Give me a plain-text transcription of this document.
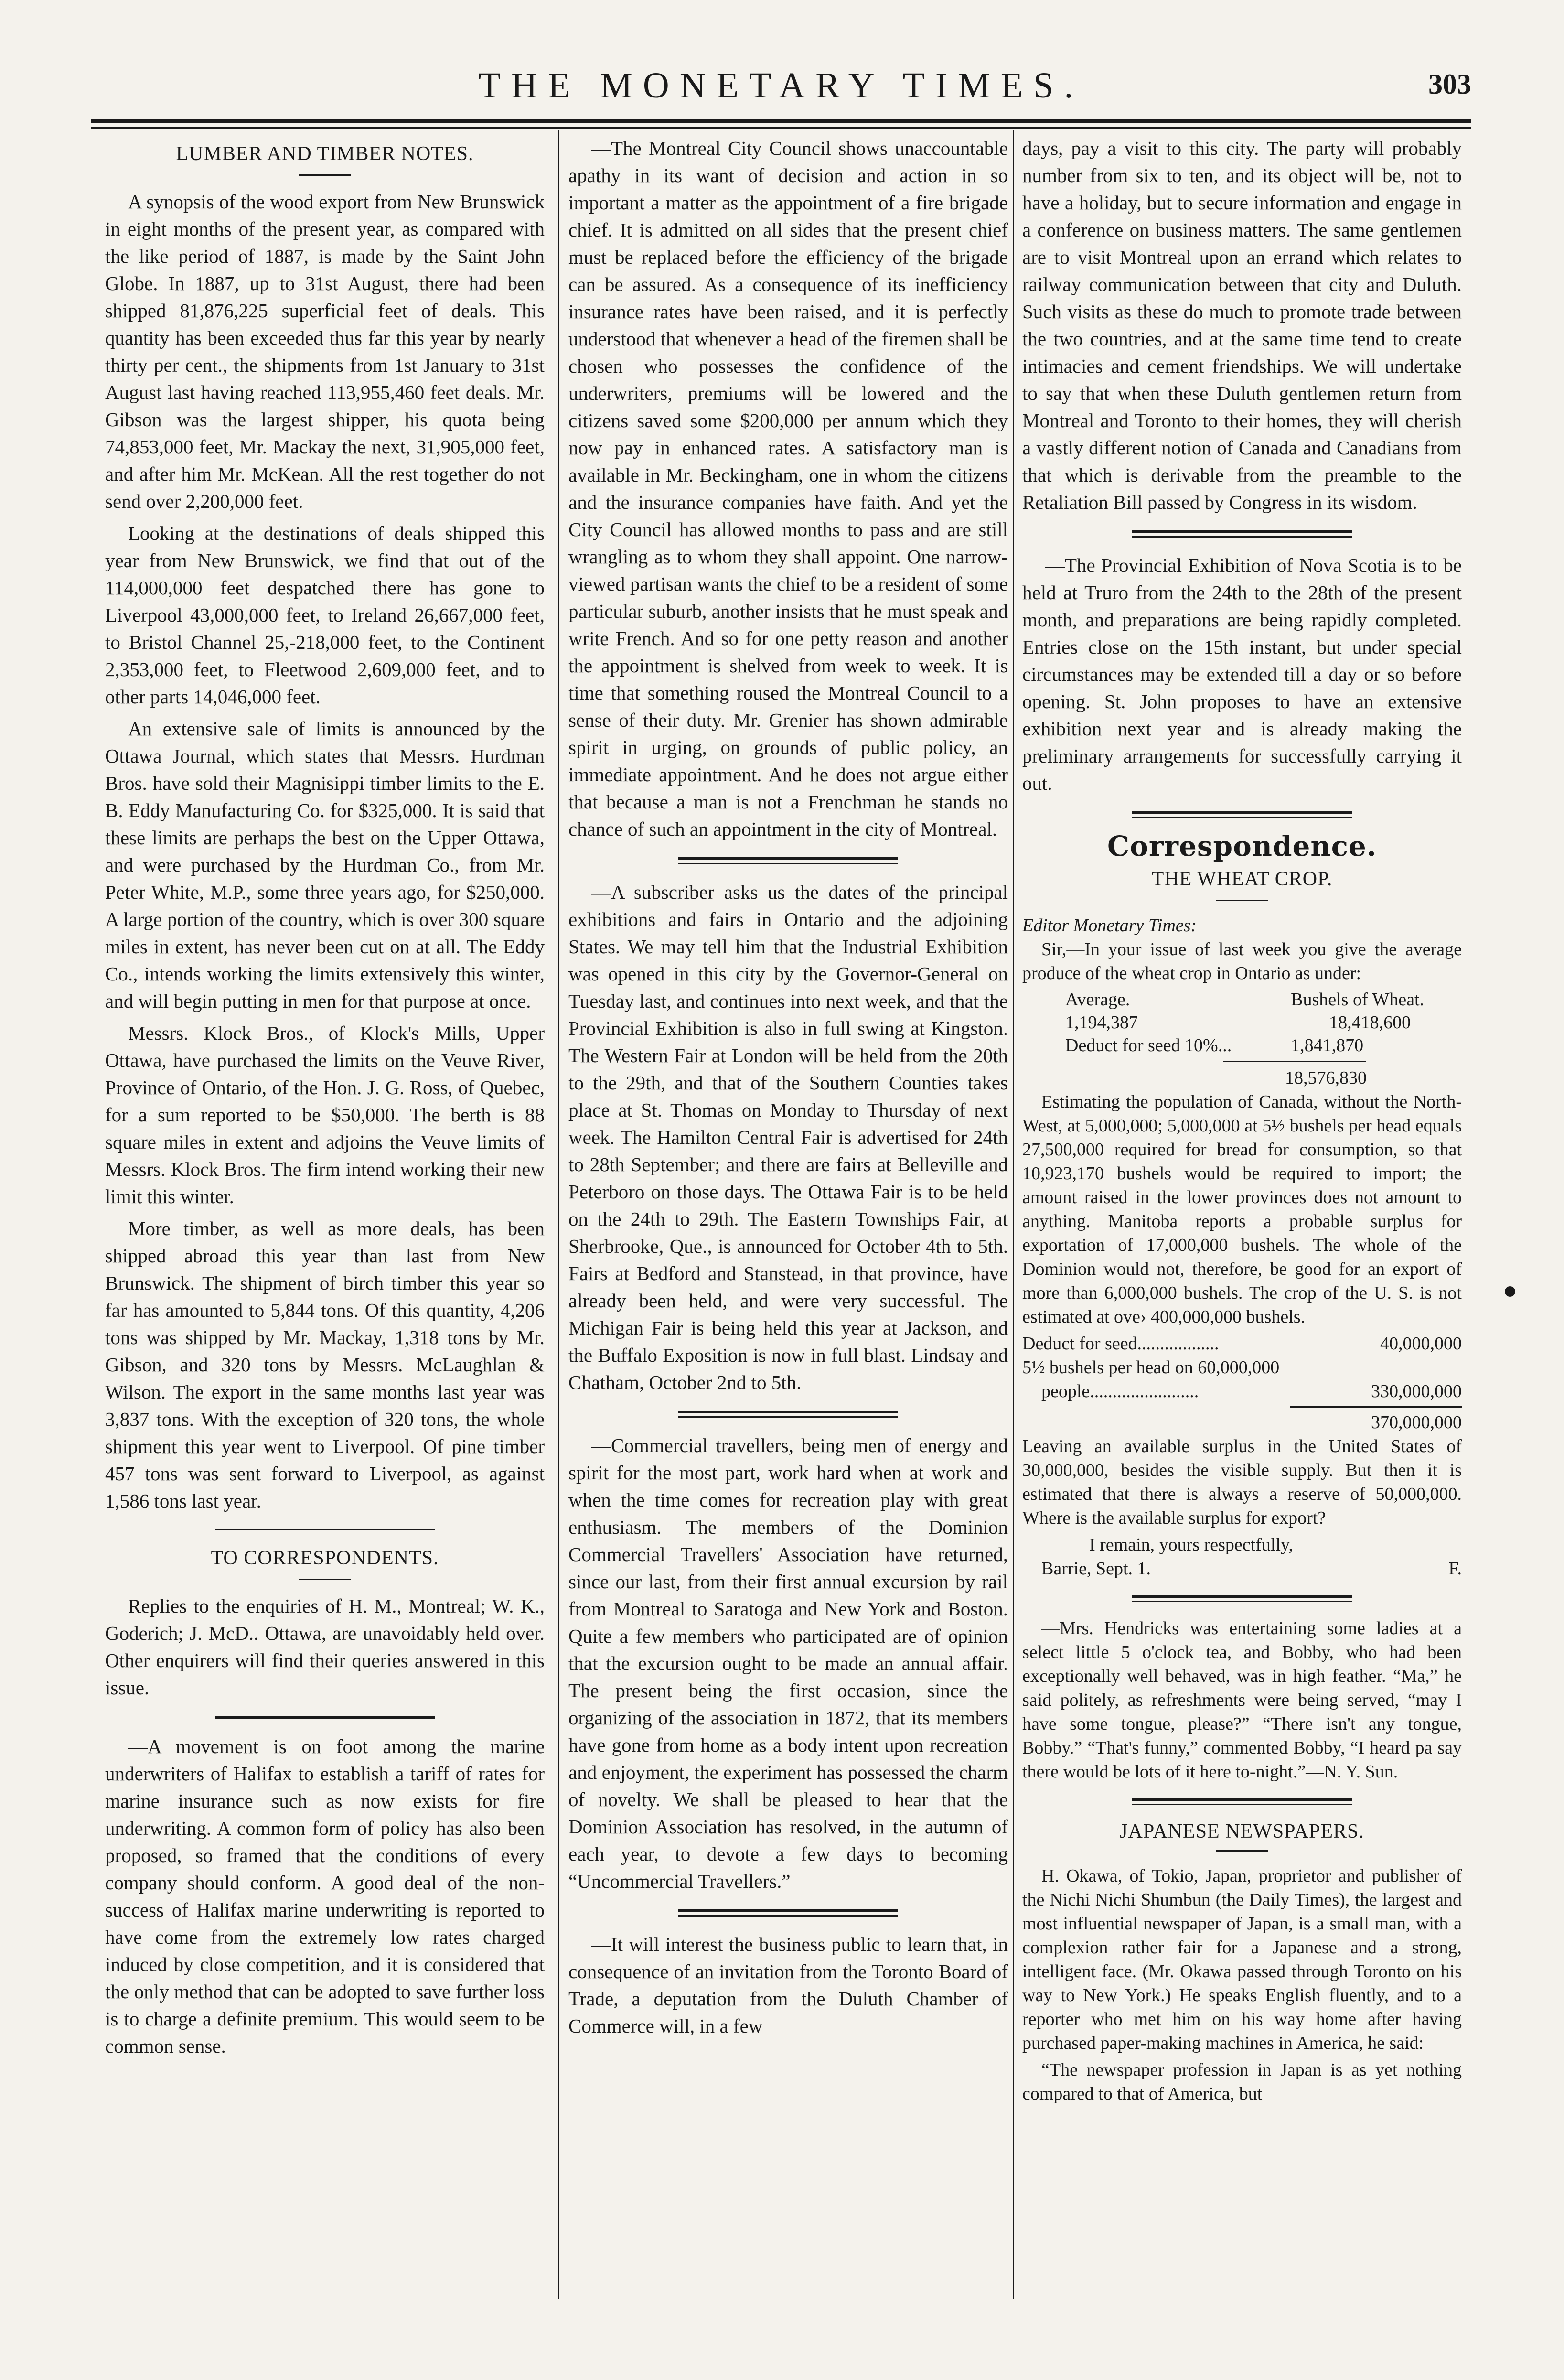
THE MONETARY TIMES.	303
LUMBER AND TIMBER NOTES.

A synopsis of the wood export from New Brunswick in eight months of the present year, as compared with the like period of 1887, is made by the Saint John Globe. In 1887, up to 31st August, there had been shipped 81,876,225 superficial feet of deals. This quantity has been exceeded thus far this year by nearly thirty per cent., the shipments from 1st January to 31st August last having reached 113,955,460 feet deals. Mr. Gibson was the largest shipper, his quota being 74,853,000 feet, Mr. Mackay the next, 31,905,000 feet, and after him Mr. McKean. All the rest together do not send over 2,200,000 feet.

Looking at the destinations of deals shipped this year from New Brunswick, we find that out of the 114,000,000 feet despatched there has gone to Liverpool 43,000,000 feet, to Ireland 26,667,000 feet, to Bristol Channel 25,-218,000 feet, to the Continent 2,353,000 feet, to Fleetwood 2,609,000 feet, and to other parts 14,046,000 feet.

An extensive sale of limits is announced by the Ottawa Journal, which states that Messrs. Hurdman Bros. have sold their Magnisippi timber limits to the E. B. Eddy Manufacturing Co. for $325,000. It is said that these limits are perhaps the best on the Upper Ottawa, and were purchased by the Hurdman Co., from Mr. Peter White, M.P., some three years ago, for $250,000. A large portion of the country, which is over 300 square miles in extent, has never been cut on at all. The Eddy Co., intends working the limits extensively this winter, and will begin putting in men for that purpose at once.

Messrs. Klock Bros., of Klock's Mills, Upper Ottawa, have purchased the limits on the Veuve River, Province of Ontario, of the Hon. J. G. Ross, of Quebec, for a sum reported to be $50,000. The berth is 88 square miles in extent and adjoins the Veuve limits of Messrs. Klock Bros. The firm intend working their new limit this winter.

More timber, as well as more deals, has been shipped abroad this year than last from New Brunswick. The shipment of birch timber this year so far has amounted to 5,844 tons. Of this quantity, 4,206 tons was shipped by Mr. Mackay, 1,318 tons by Mr. Gibson, and 320 tons by Messrs. McLaughlan & Wilson. The export in the same months last year was 3,837 tons. With the exception of 320 tons, the whole shipment this year went to Liverpool. Of pine timber 457 tons was sent forward to Liverpool, as against 1,586 tons last year.

TO CORRESPONDENTS.

Replies to the enquiries of H. M., Montreal; W. K., Goderich; J. McD.. Ottawa, are unavoidably held over. Other enquirers will find their queries answered in this issue.

—A movement is on foot among the marine underwriters of Halifax to establish a tariff of rates for marine insurance such as now exists for fire underwriting. A common form of policy has also been proposed, so framed that the conditions of every company should conform. A good deal of the non-success of Halifax marine underwriting is reported to have come from the extremely low rates charged induced by close competition, and it is considered that the only method that can be adopted to save further loss is to charge a definite premium. This would seem to be common sense.

—The Montreal City Council shows unaccountable apathy in its want of decision and action in so important a matter as the appointment of a fire brigade chief. It is admitted on all sides that the present chief must be replaced before the efficiency of the brigade can be assured. As a consequence of its inefficiency insurance rates have been raised, and it is perfectly understood that whenever a head of the firemen shall be chosen who possesses the confidence of the underwriters, premiums will be lowered and the citizens saved some $200,000 per annum which they now pay in enhanced rates. A satisfactory man is available in Mr. Beckingham, one in whom the citizens and the insurance companies have faith. And yet the City Council has allowed months to pass and are still wrangling as to whom they shall appoint. One narrow-viewed partisan wants the chief to be a resident of some particular suburb, another insists that he must speak and write French. And so for one petty reason and another the appointment is shelved from week to week. It is time that something roused the Montreal Council to a sense of their duty. Mr. Grenier has shown admirable spirit in urging, on grounds of public policy, an immediate appointment. And he does not argue either that because a man is not a Frenchman he stands no chance of such an appointment in the city of Montreal.

—A subscriber asks us the dates of the principal exhibitions and fairs in Ontario and the adjoining States. We may tell him that the Industrial Exhibition was opened in this city by the Governor-General on Tuesday last, and continues into next week, and that the Provincial Exhibition is also in full swing at Kingston. The Western Fair at London will be held from the 20th to the 29th, and that of the Southern Counties takes place at St. Thomas on Monday to Thursday of next week. The Hamilton Central Fair is advertised for 24th to 28th September; and there are fairs at Belleville and Peterboro on those days. The Ottawa Fair is to be held on the 24th to 29th. The Eastern Townships Fair, at Sherbrooke, Que., is announced for October 4th to 5th. Fairs at Bedford and Stanstead, in that province, have already been held, and were very successful. The Michigan Fair is being held this year at Jackson, and the Buffalo Exposition is now in full blast. Lindsay and Chatham, October 2nd to 5th.

—Commercial travellers, being men of energy and spirit for the most part, work hard when at work and when the time comes for recreation play with great enthusiasm. The members of the Dominion Commercial Travellers' Association have returned, since our last, from their first annual excursion by rail from Montreal to Saratoga and New York and Boston. Quite a few members who participated are of opinion that the excursion ought to be made an annual affair. The present being the first occasion, since the organizing of the association in 1872, that its members have gone from home as a body intent upon recreation and enjoyment, the experiment has possessed the charm of novelty. We shall be pleased to hear that the Dominion Association has resolved, in the autumn of each year, to devote a few days to becoming “Uncommercial Travellers.”

—It will interest the business public to learn that, in consequence of an invitation from the Toronto Board of Trade, a deputation from the Duluth Chamber of Commerce will, in a few

days, pay a visit to this city. The party will probably number from six to ten, and its object will be, not to have a holiday, but to secure information and engage in a conference on business matters. The same gentlemen are to visit Montreal upon an errand which relates to railway communication between that city and Duluth. Such visits as these do much to promote trade between the two countries, and at the same time tend to create intimacies and cement friendships. We will undertake to say that when these Duluth gentlemen return from Montreal and Toronto to their homes, they will cherish a vastly different notion of Canada and Canadians from that which is derivable from the preamble to the Retaliation Bill passed by Congress in its wisdom.

—The Provincial Exhibition of Nova Scotia is to be held at Truro from the 24th to the 28th of the present month, and preparations are being rapidly completed. Entries close on the 15th instant, but under special circumstances may be extended till a day or so before opening. St. John proposes to have an extensive exhibition next year and is already making the preliminary arrangements for successfully carrying it out.

Correspondence.
THE WHEAT CROP.
Editor Monetary Times:

Sir,—In your issue of last week you give the average produce of the wheat crop in Ontario as under:

Average.	Bushels of Wheat.
1,194,387	18,418,600
Deduct for seed 10%...	1,841,870
18,576,830

Estimating the population of Canada, without the North-West, at 5,000,000; 5,000,000 at 5½ bushels per head equals 27,500,000 required for bread for consumption, so that 10,923,170 bushels would be required to import; the amount raised in the lower provinces does not amount to anything. Manitoba reports a probable surplus for exportation of 17,000,000 bushels. The whole of the Dominion would not, therefore, be good for an export of more than 6,000,000 bushels. The crop of the U. S. is not estimated at ove› 400,000,000 bushels.

Deduct for seed..................	40,000,000
5½ bushels per head on 60,000,000
people........................	330,000,000
370,000,000

Leaving an available surplus in the United States of 30,000,000, besides the visible supply. But then it is estimated that there is always a reserve of 50,000,000. Where is the available surplus for export?

I remain, yours respectfully,
Barrie, Sept. 1.	F.

—Mrs. Hendricks was entertaining some ladies at a select little 5 o'clock tea, and Bobby, who had been exceptionally well behaved, was in high feather. “Ma,” he said politely, as refreshments were being served, “may I have some tongue, please?” “There isn't any tongue, Bobby.” “That's funny,” commented Bobby, “I heard pa say there would be lots of it here to-night.”—N. Y. Sun.

JAPANESE NEWSPAPERS.

H. Okawa, of Tokio, Japan, proprietor and publisher of the Nichi Nichi Shumbun (the Daily Times), the largest and most influential newspaper of Japan, is a small man, with a complexion rather fair for a Japanese and a strong, intelligent face. (Mr. Okawa passed through Toronto on his way to New York.) He speaks English fluently, and to a reporter who met him on his way home after having purchased paper-making machines in America, he said:

“The newspaper profession in Japan is as yet nothing compared to that of America, but
